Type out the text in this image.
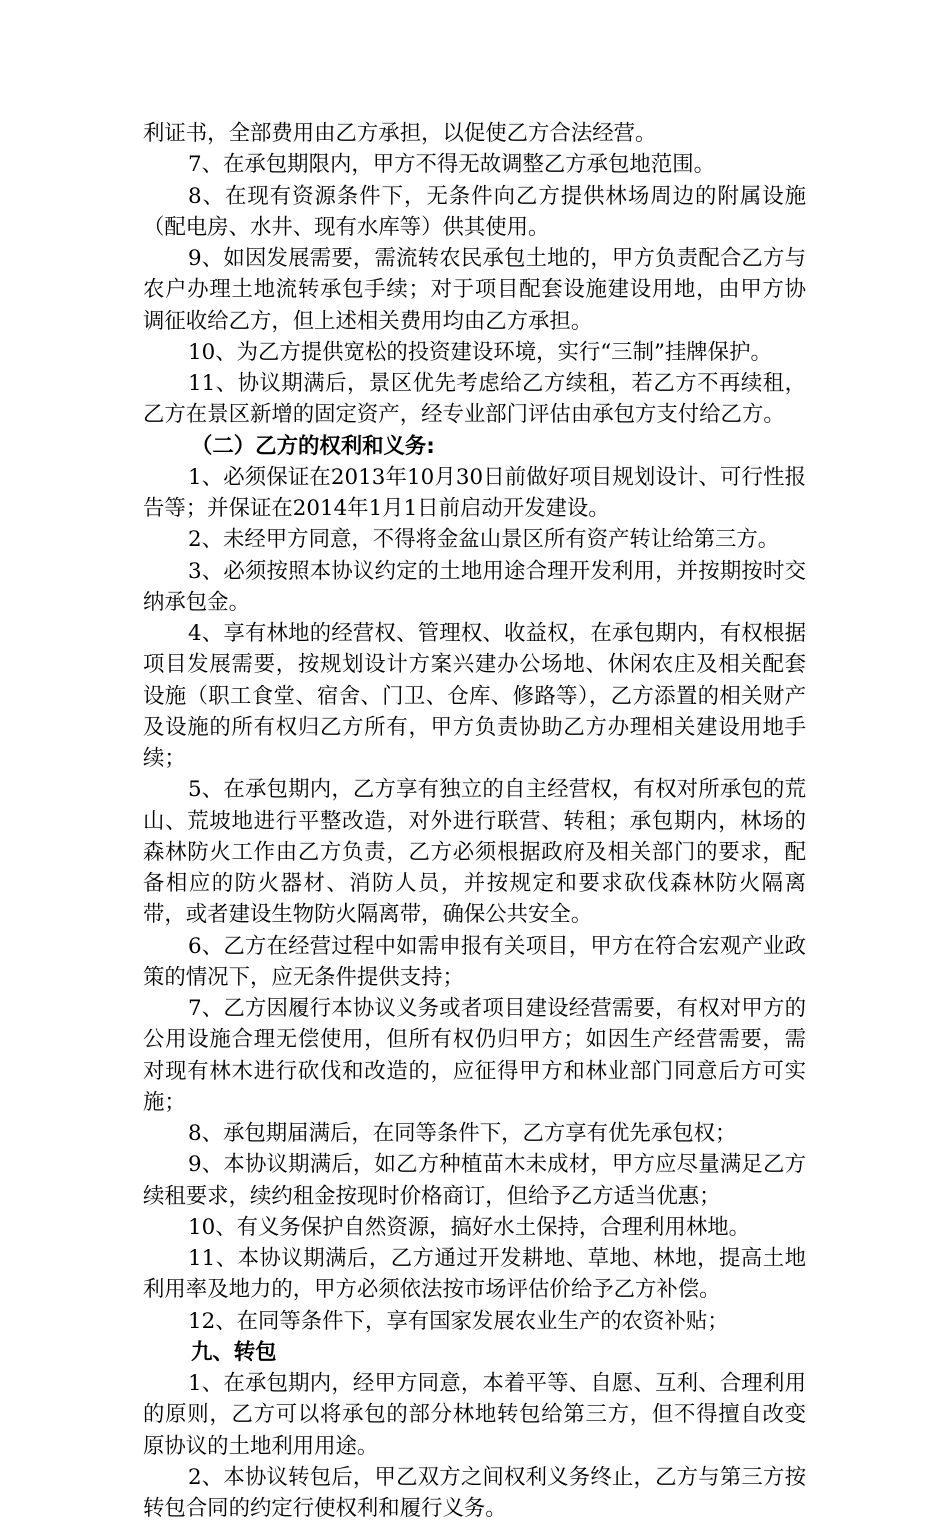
利证书，全部费用由乙方承担，以促使乙方合法经营。

7、在承包期限内，甲方不得无故调整乙方承包地范围。

8、在现有资源条件下，无条件向乙方提供林场周边的附属设施（配电房、水井、现有水库等）供其使用。

9、如因发展需要，需流转农民承包土地的，甲方负责配合乙方与农户办理土地流转承包手续；对于项目配套设施建设用地，由甲方协调征收给乙方，但上述相关费用均由乙方承担。

10、为乙方提供宽松的投资建设环境，实行“三制”挂牌保护。

11、协议期满后，景区优先考虑给乙方续租，若乙方不再续租，乙方在景区新增的固定资产，经专业部门评估由承包方支付给乙方。

（二）乙方的权利和义务:

1、必须保证在2013年10月30日前做好项目规划设计、可行性报告等；并保证在2014年1月1日前启动开发建设。

2、未经甲方同意，不得将金盆山景区所有资产转让给第三方。

3、必须按照本协议约定的土地用途合理开发利用，并按期按时交纳承包金。

4、享有林地的经营权、管理权、收益权，在承包期内，有权根据项目发展需要，按规划设计方案兴建办公场地、休闲农庄及相关配套设施（职工食堂、宿舍、门卫、仓库、修路等），乙方添置的相关财产及设施的所有权归乙方所有，甲方负责协助乙方办理相关建设用地手续；

5、在承包期内，乙方享有独立的自主经营权，有权对所承包的荒山、荒坡地进行平整改造，对外进行联营、转租；承包期内，林场的森林防火工作由乙方负责，乙方必须根据政府及相关部门的要求，配备相应的防火器材、消防人员，并按规定和要求砍伐森林防火隔离带，或者建设生物防火隔离带，确保公共安全。

6、乙方在经营过程中如需申报有关项目，甲方在符合宏观产业政策的情况下，应无条件提供支持；

7、乙方因履行本协议义务或者项目建设经营需要，有权对甲方的公用设施合理无偿使用，但所有权仍归甲方；如因生产经营需要，需对现有林木进行砍伐和改造的，应征得甲方和林业部门同意后方可实施；

8、承包期届满后，在同等条件下，乙方享有优先承包权；

9、本协议期满后，如乙方种植苗木未成材，甲方应尽量满足乙方续租要求，续约租金按现时价格商订，但给予乙方适当优惠；

10、有义务保护自然资源，搞好水土保持，合理利用林地。

11、本协议期满后，乙方通过开发耕地、草地、林地，提高土地利用率及地力的，甲方必须依法按市场评估价给予乙方补偿。

12、在同等条件下，享有国家发展农业生产的农资补贴；

九、转包

1、在承包期内，经甲方同意，本着平等、自愿、互利、合理利用的原则，乙方可以将承包的部分林地转包给第三方，但不得擅自改变原协议的土地利用用途。

2、本协议转包后，甲乙双方之间权利义务终止，乙方与第三方按转包合同的约定行使权利和履行义务。
